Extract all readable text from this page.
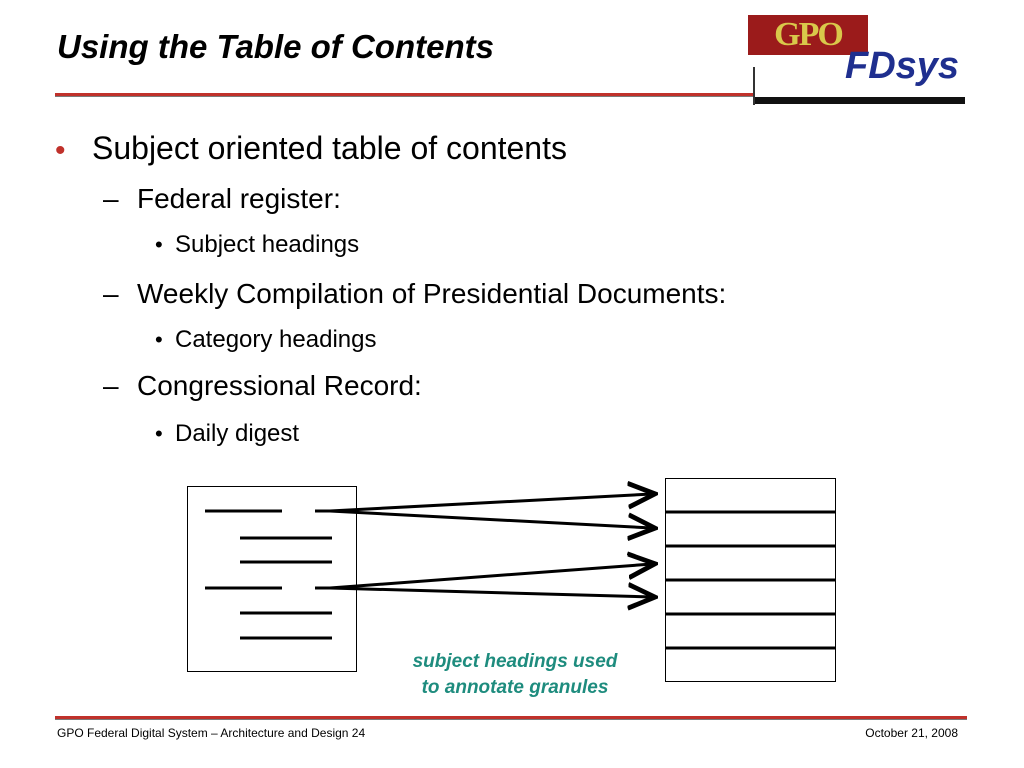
Using the Table of Contents	GPO
FDsys
• Subject oriented table of contents
– Federal register:
• Subject headings
– Weekly Compilation of Presidential Documents:
• Category headings
– Congressional Record:
• Daily digest
subject headings used
to annotate granules
GPO Federal Digital System – Architecture and Design 24	October 21, 2008
